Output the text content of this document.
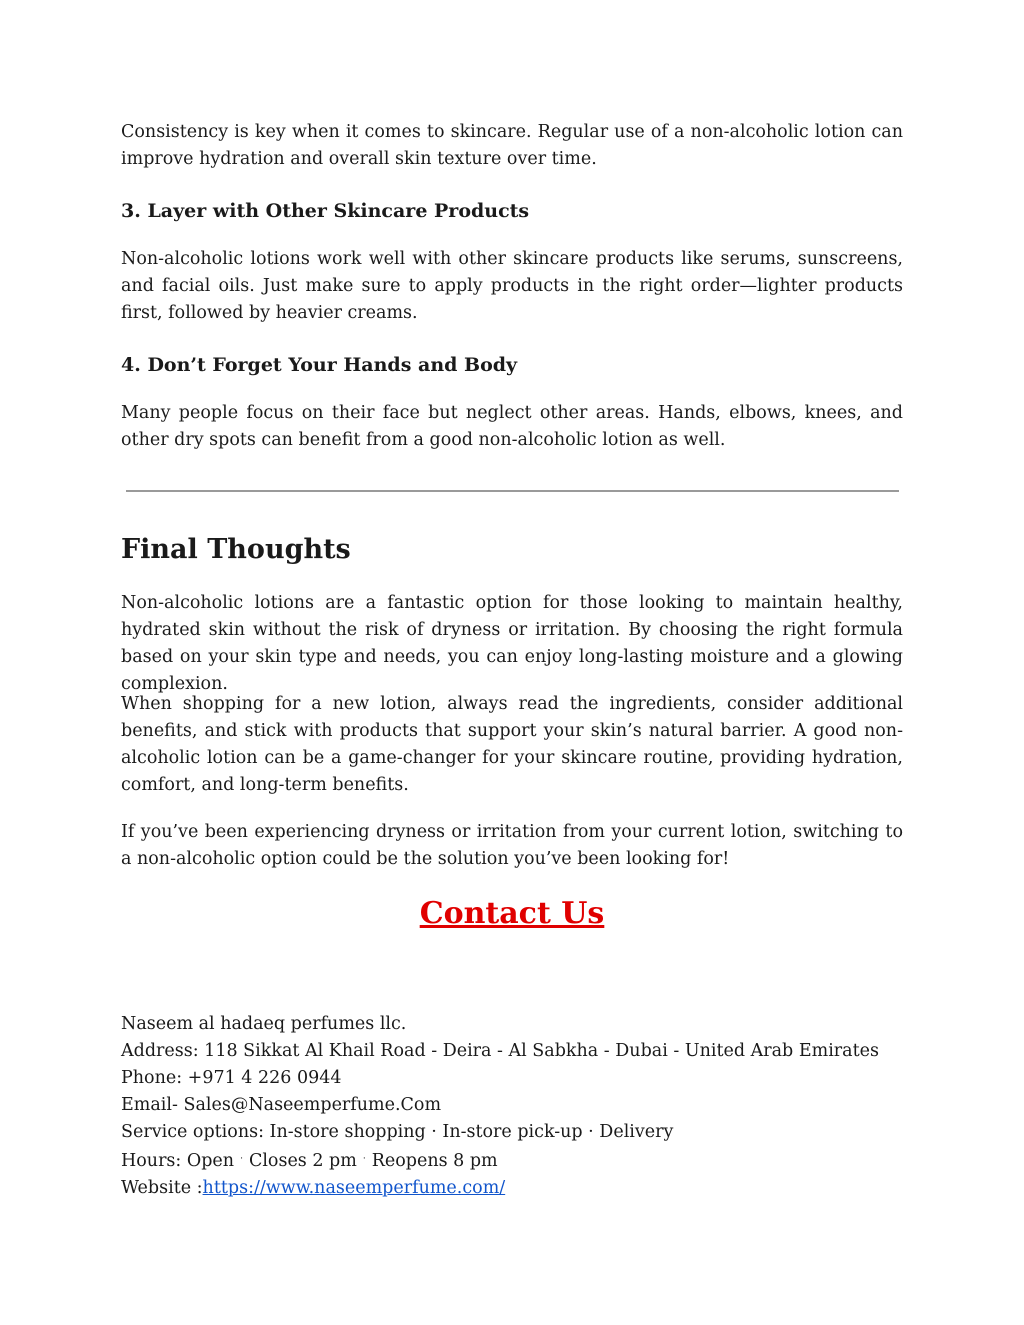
Consistency is key when it comes to skincare. Regular use of a non-alcoholic lotion can improve hydration and overall skin texture over time.

3. Layer with Other Skincare Products

Non-alcoholic lotions work well with other skincare products like serums, sunscreens, and facial oils. Just make sure to apply products in the right order—lighter products first, followed by heavier creams.

4. Don’t Forget Your Hands and Body

Many people focus on their face but neglect other areas. Hands, elbows, knees, and other dry spots can benefit from a good non-alcoholic lotion as well.

Final Thoughts

Non-alcoholic lotions are a fantastic option for those looking to maintain healthy, hydrated skin without the risk of dryness or irritation. By choosing the right formula based on your skin type and needs, you can enjoy long-lasting moisture and a glowing complexion.

When shopping for a new lotion, always read the ingredients, consider additional benefits, and stick with products that support your skin’s natural barrier. A good non-alcoholic lotion can be a game-changer for your skincare routine, providing hydration, comfort, and long-term benefits.

If you’ve been experiencing dryness or irritation from your current lotion, switching to a non-alcoholic option could be the solution you’ve been looking for!

Contact Us
Naseem al hadaeq perfumes llc.
Address: 118 Sikkat Al Khail Road - Deira - Al Sabkha - Dubai - United Arab Emirates
Phone: +971 4 226 0944
Email- Sales@Naseemperfume.Com
Service options: In-store shopping · In-store pick-up · Delivery
Hours: Open · Closes 2 pm · Reopens 8 pm
Website :https://www.naseemperfume.com/
